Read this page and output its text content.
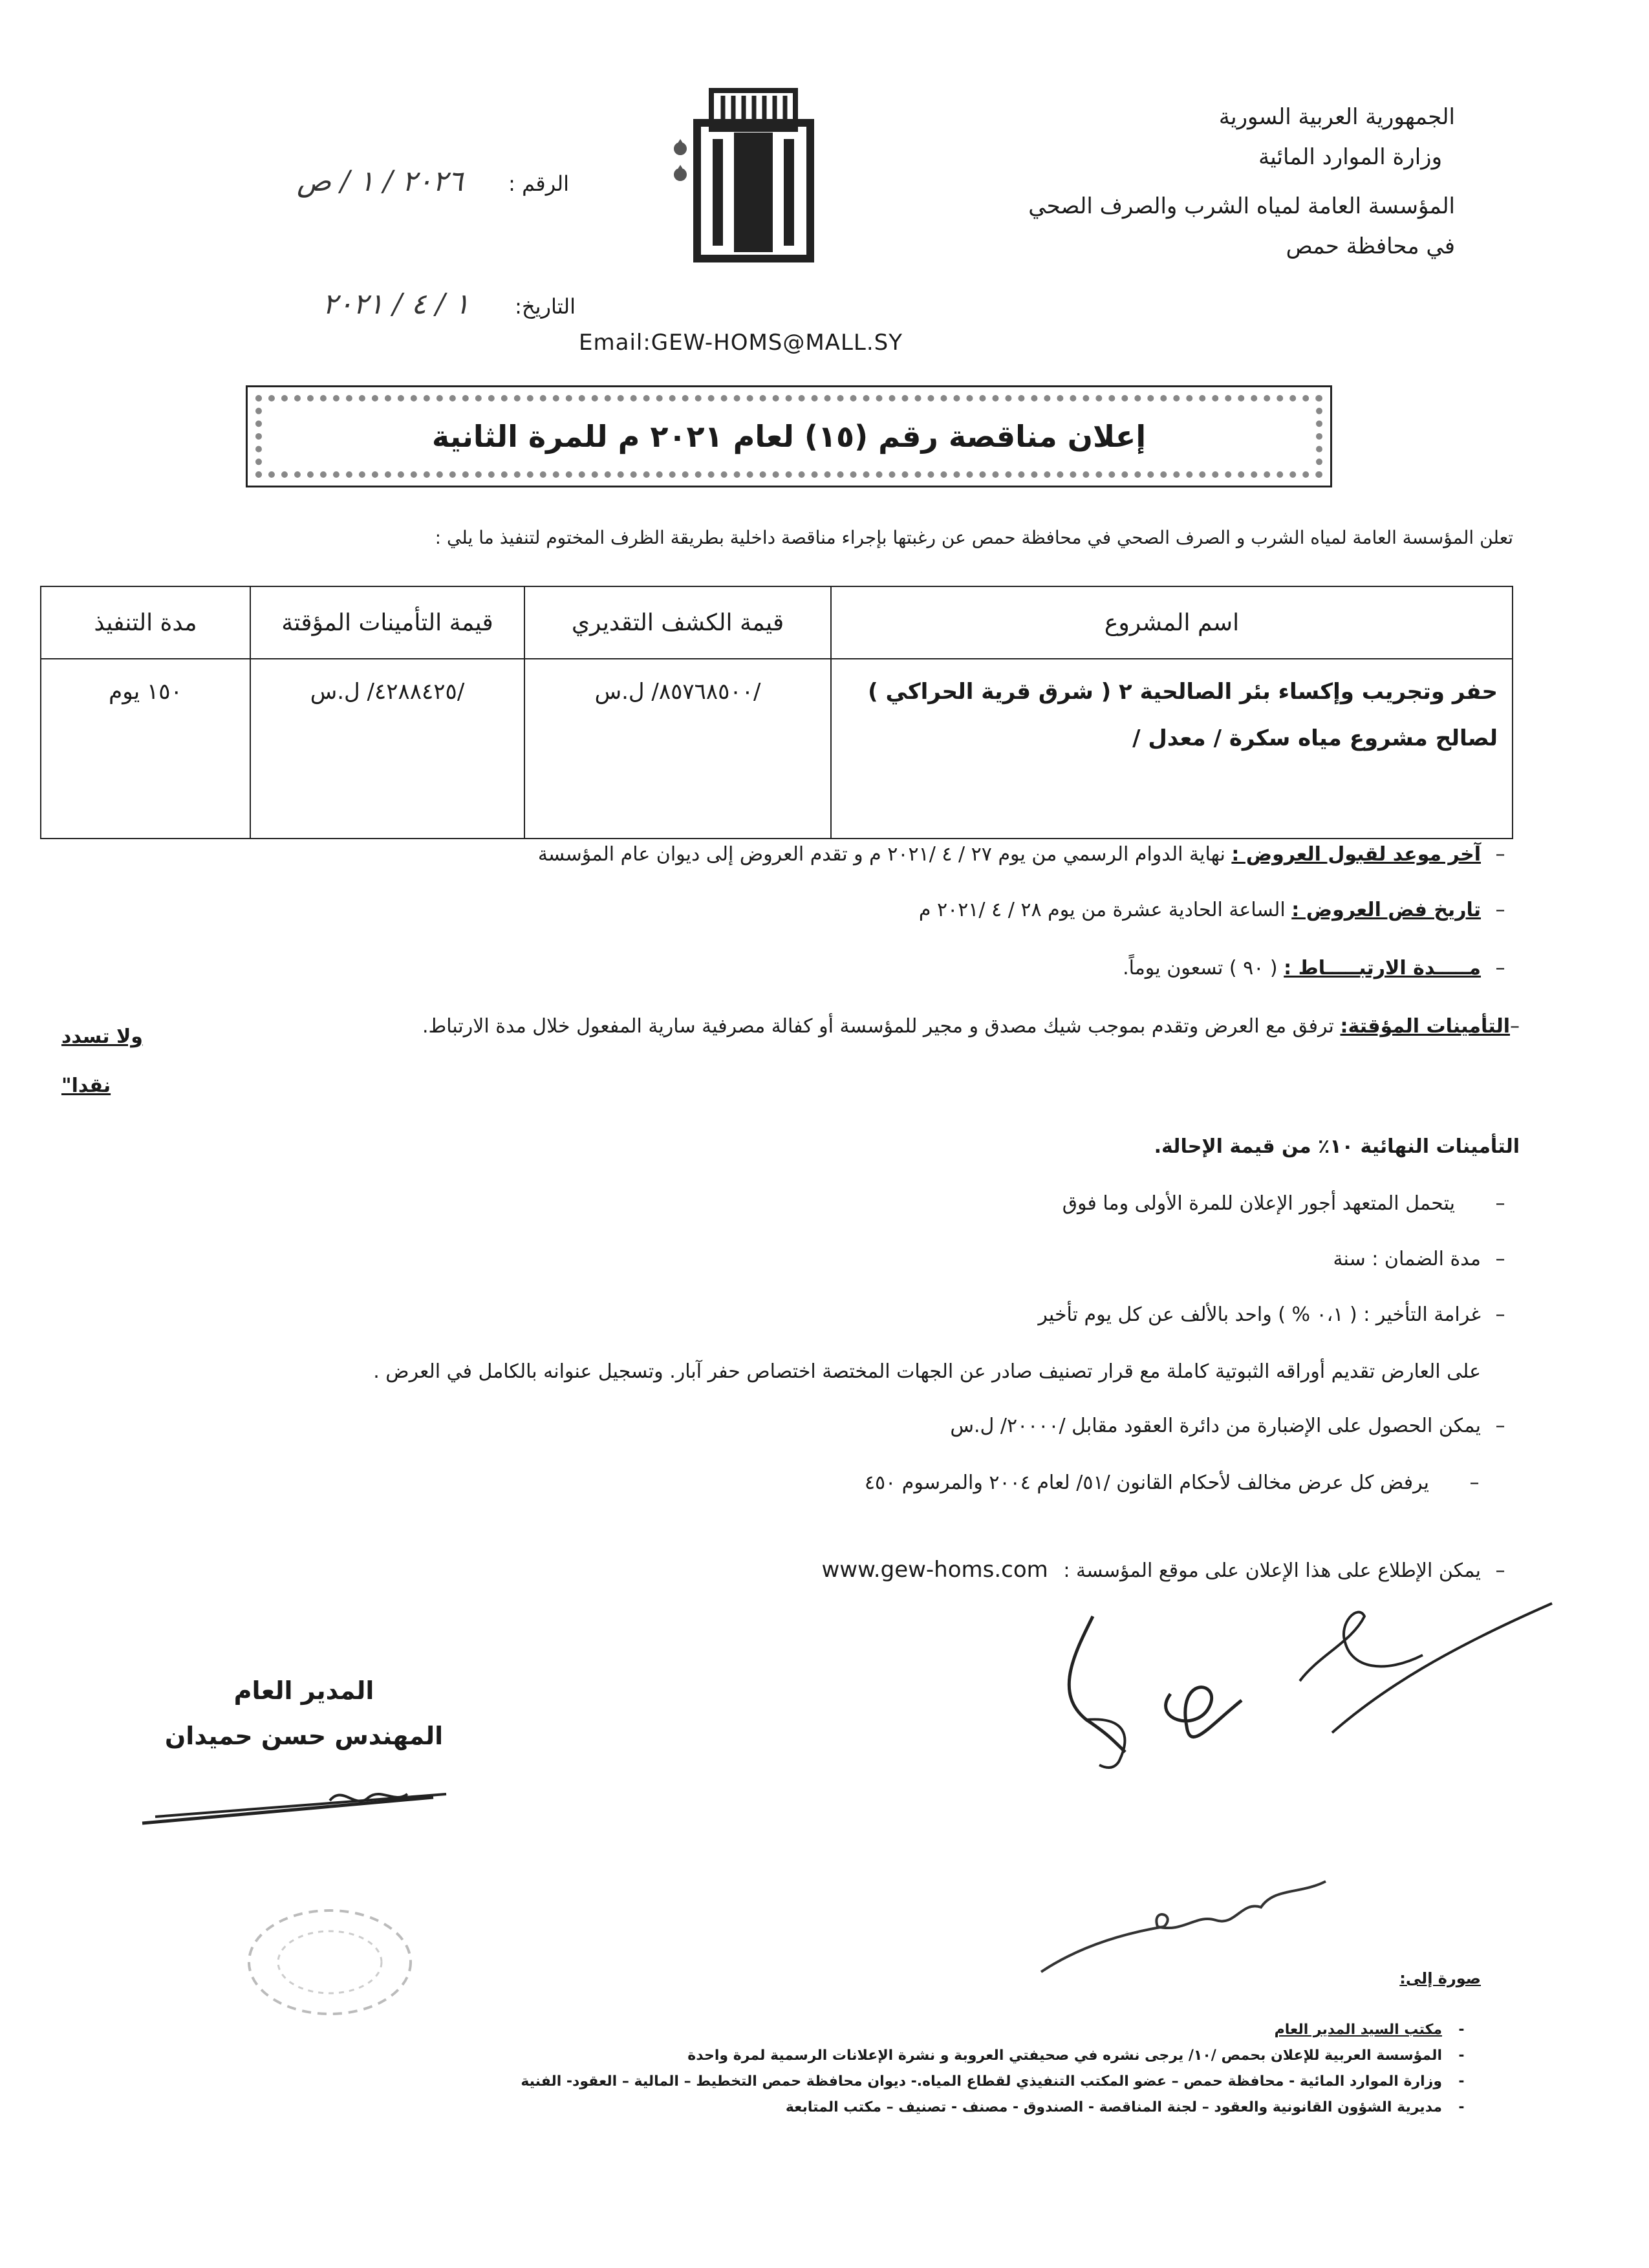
الجمهورية العربية السورية
وزارة الموارد المائية
المؤسسة العامة لمياه الشرب والصرف الصحي
في محافظة حمص
الرقم : ٢٠٢٦ / ١ / ص
التاريخ: ١ / ٤ / ٢٠٢١
Email:GEW-HOMS@MALL.SY
إعلان مناقصة رقم (١٥) لعام ٢٠٢١ م للمرة الثانية
تعلن المؤسسة العامة لمياه الشرب و الصرف الصحي في محافظة حمص عن رغبتها بإجراء مناقصة داخلية بطريقة الظرف المختوم لتنفيذ ما يلي :
اسم المشروع	قيمة الكشف التقديري	قيمة التأمينات المؤقتة	مدة التنفيذ
حفر وتجريب وإكساء بئر الصالحية ٢ ( شرق قرية الحراكي ) لصالح مشروع مياه سكرة / معدل /	/٨٥٧٦٨٥٠٠/ ل.س	/٤٢٨٨٤٢٥/ ل.س	١٥٠ يوم
–آخر موعد لقبول العروض : نهاية الدوام الرسمي من يوم ٢٧ / ٤ /٢٠٢١ م و تقدم العروض إلى ديوان عام المؤسسة
–تاريخ فض العروض : الساعة الحادية عشرة من يوم ٢٨ / ٤ /٢٠٢١ م
–مـــــدة الارتبـــــاط : ( ٩٠ ) تسعون يوماً.
–التأمينات المؤقتة: ترفق مع العرض وتقدم بموجب شيك مصدق و مجير للمؤسسة أو كفالة مصرفية سارية المفعول خلال مدة الارتباط.
ولا تسدد نقدا"
التأمينات النهائية ١٠٪ من قيمة الإحالة.
–يتحمل المتعهد أجور الإعلان للمرة الأولى وما فوق
–مدة الضمان : سنة
–غرامة التأخير : ( ٠،١ % ) واحد بالألف عن كل يوم تأخير
على العارض تقديم أوراقه الثبوتية كاملة مع قرار تصنيف صادر عن الجهات المختصة اختصاص حفر آبار. وتسجيل عنوانه بالكامل في العرض .
–يمكن الحصول على الإضبارة من دائرة العقود مقابل /٢٠٠٠٠/ ل.س
–يرفض كل عرض مخالف لأحكام القانون /٥١/ لعام ٢٠٠٤ والمرسوم ٤٥٠
–يمكن الإطلاع على هذا الإعلان على موقع المؤسسة : www.gew-homs.com
المدير العام
المهندس حسن حميدان
صورة إلى:
-مكتب السيد المدير العام
-المؤسسة العربية للإعلان بحمص /١٠/ يرجى نشره في صحيفتي العروبة و نشرة الإعلانات الرسمية لمرة واحدة
-وزارة الموارد المائية - محافظة حمص – عضو المكتب التنفيذي لقطاع المياه.- ديوان محافظة حمص التخطيط – المالية – العقود- الفنية
-مديرية الشؤون القانونية والعقود – لجنة المناقصة - الصندوق - مصنف - تصنيف – مكتب المتابعة
